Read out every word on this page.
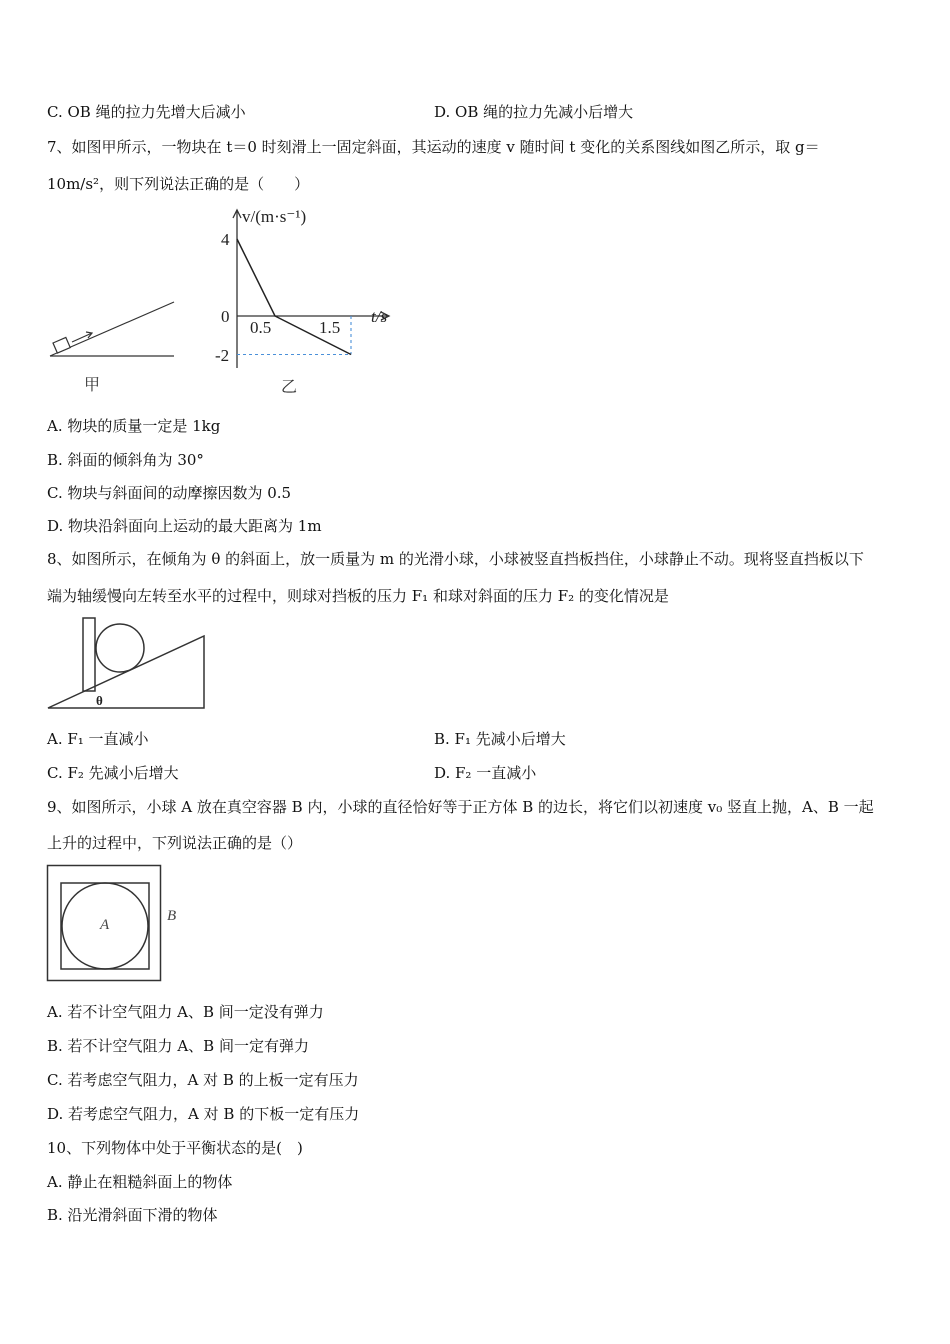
C. OB 绳的拉力先增大后减小	D. OB 绳的拉力先减小后增大
7、如图甲所示，一物块在 t＝0 时刻滑上一固定斜面，其运动的速度 v 随时间 t 变化的关系图线如图乙所示，取 g＝
10m/s²，则下列说法正确的是（　　）
甲
v/(m·s⁻¹)
t/s
4
0
-2
0.5	1.5
乙
A. 物块的质量一定是 1kg
B. 斜面的倾斜角为 30°
C. 物块与斜面间的动摩擦因数为 0.5
D. 物块沿斜面向上运动的最大距离为 1m
8、如图所示，在倾角为 θ 的斜面上，放一质量为 m 的光滑小球，小球被竖直挡板挡住，小球静止不动。现将竖直挡板以下
端为轴缓慢向左转至水平的过程中，则球对挡板的压力 F₁ 和球对斜面的压力 F₂ 的变化情况是
θ
A. F₁ 一直减小	B. F₁ 先减小后增大
C. F₂ 先减小后增大	D. F₂ 一直减小
9、如图所示，小球 A 放在真空容器 B 内，小球的直径恰好等于正方体 B 的边长，将它们以初速度 v₀ 竖直上抛，A、B 一起
上升的过程中，下列说法正确的是（）
A
B
A. 若不计空气阻力 A、B 间一定没有弹力
B. 若不计空气阻力 A、B 间一定有弹力
C. 若考虑空气阻力，A 对 B 的上板一定有压力
D. 若考虑空气阻力，A 对 B 的下板一定有压力
10、下列物体中处于平衡状态的是(　)
A. 静止在粗糙斜面上的物体
B. 沿光滑斜面下滑的物体
